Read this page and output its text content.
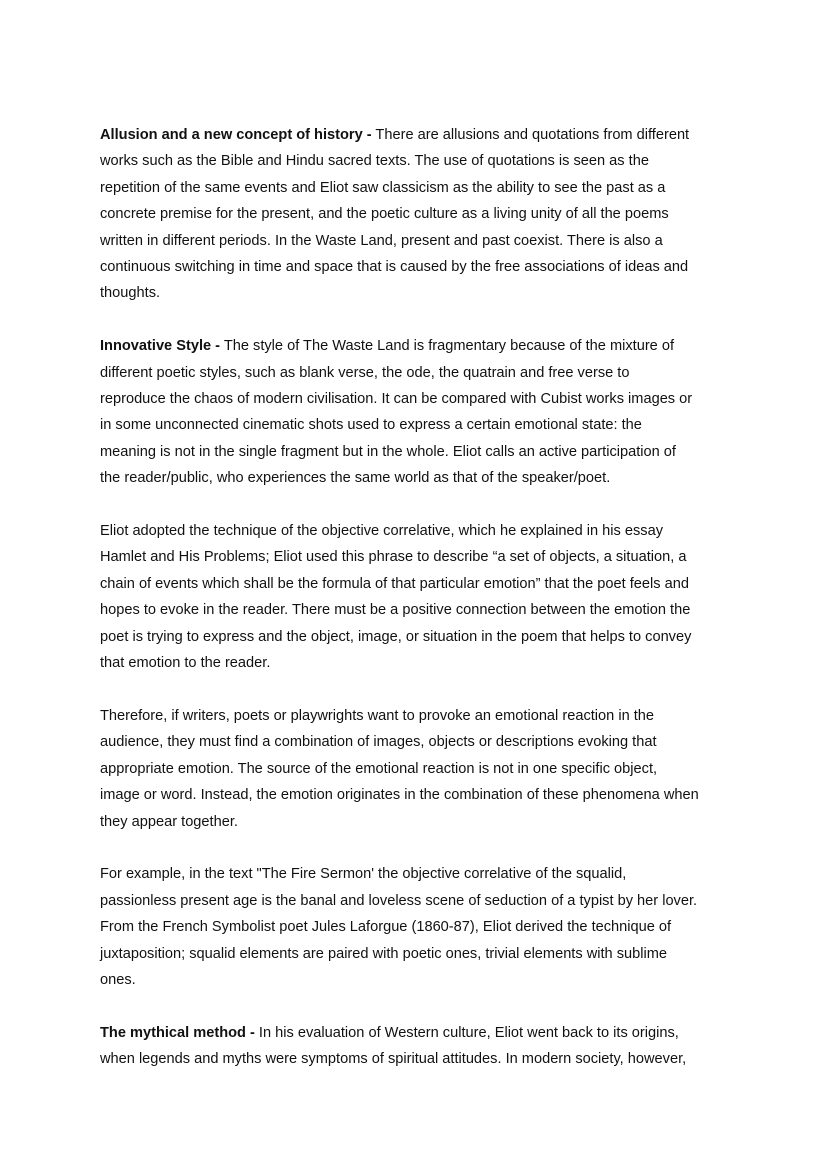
Allusion and a new concept of history - There are allusions and quotations from different
works such as the Bible and Hindu sacred texts. The use of quotations is seen as the
repetition of the same events and Eliot saw classicism as the ability to see the past as a
concrete premise for the present, and the poetic culture as a living unity of all the poems
written in different periods. In the Waste Land, present and past coexist. There is also a
continuous switching in time and space that is caused by the free associations of ideas and
thoughts.

Innovative Style - The style of The Waste Land is fragmentary because of the mixture of
different poetic styles, such as blank verse, the ode, the quatrain and free verse to
reproduce the chaos of modern civilisation. It can be compared with Cubist works images or
in some unconnected cinematic shots used to express a certain emotional state: the
meaning is not in the single fragment but in the whole. Eliot calls an active participation of
the reader/public, who experiences the same world as that of the speaker/poet.

Eliot adopted the technique of the objective correlative, which he explained in his essay
Hamlet and His Problems; Eliot used this phrase to describe “a set of objects, a situation, a
chain of events which shall be the formula of that particular emotion” that the poet feels and
hopes to evoke in the reader. There must be a positive connection between the emotion the
poet is trying to express and the object, image, or situation in the poem that helps to convey
that emotion to the reader.

Therefore, if writers, poets or playwrights want to provoke an emotional reaction in the
audience, they must find a combination of images, objects or descriptions evoking that
appropriate emotion. The source of the emotional reaction is not in one specific object,
image or word. Instead, the emotion originates in the combination of these phenomena when
they appear together.

For example, in the text "The Fire Sermon' the objective correlative of the squalid,
passionless present age is the banal and loveless scene of seduction of a typist by her lover.
From the French Symbolist poet Jules Laforgue (1860-87), Eliot derived the technique of
juxtaposition; squalid elements are paired with poetic ones, trivial elements with sublime
ones.

The mythical method - In his evaluation of Western culture, Eliot went back to its origins,
when legends and myths were symptoms of spiritual attitudes. In modern society, however,
